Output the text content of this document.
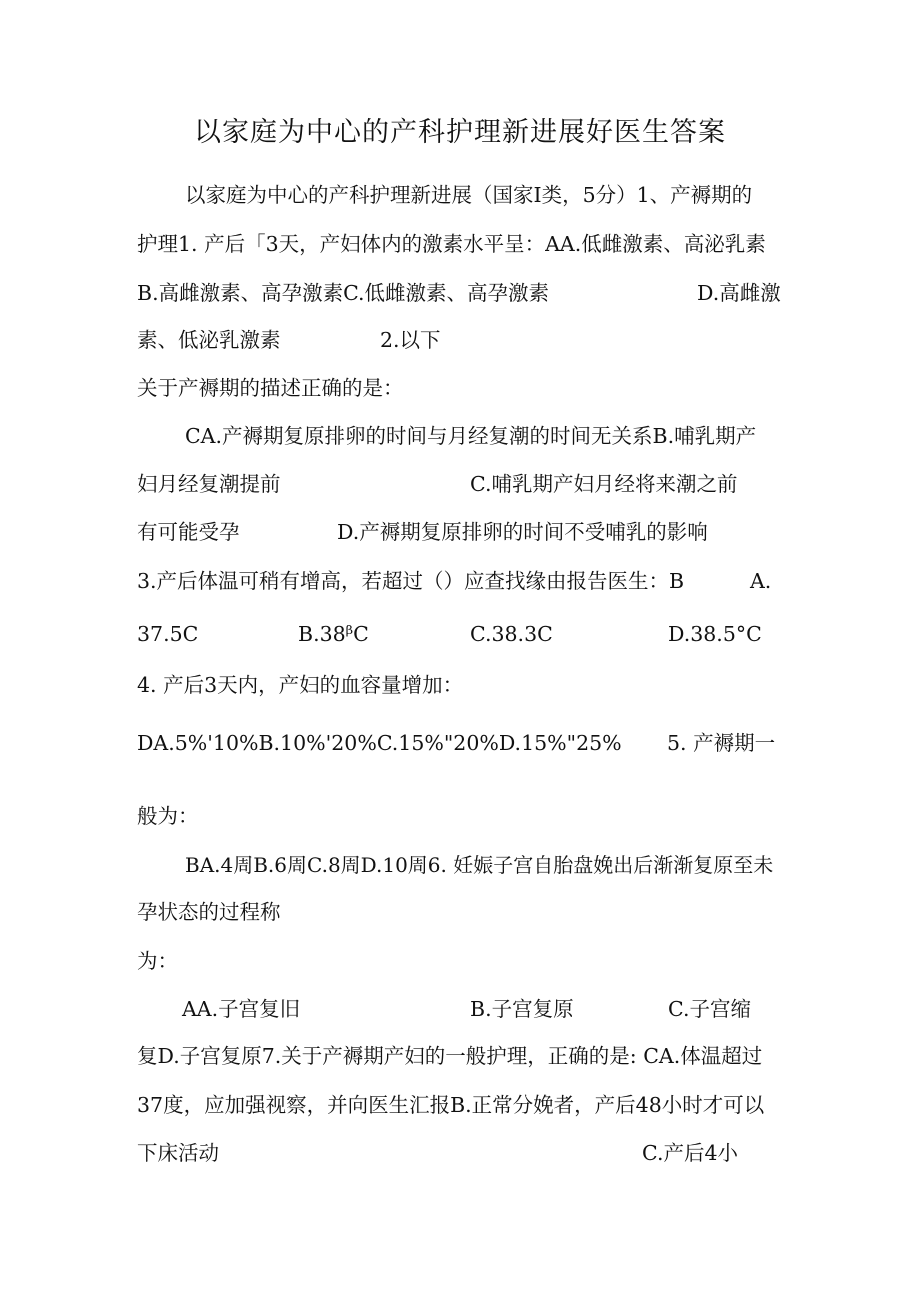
以家庭为中心的产科护理新进展好医生答案
以家庭为中心的产科护理新进展（国家I类，5分）1、产褥期的
护理1. 产后「3天，产妇体内的激素水平呈：AA.低雌激素、高泌乳素
B.高雌激素、高孕激素C.低雌激素、高孕激素	D.高雌激
素、低泌乳激素	2.以下
关于产褥期的描述正确的是：
CA.产褥期复原排卵的时间与月经复潮的时间无关系B.哺乳期产
妇月经复潮提前	C.哺乳期产妇月经将来潮之前
有可能受孕	D.产褥期复原排卵的时间不受哺乳的影响
3.产后体温可稍有增高，若超过（）应查找缘由报告医生：B	A.
37.5C	B.38ᵝC	C.38.3C	D.38.5°C
4. 产后3天内，产妇的血容量增加：
DA.5%'10%B.10%'20%C.15%"20%D.15%"25% 5. 产褥期一
般为：
BA.4周B.6周C.8周D.10周6. 妊娠子宫自胎盘娩出后渐渐复原至未
孕状态的过程称
为：
AA.子宫复旧	B.子宫复原	C.子宫缩
复D.子宫复原7.关于产褥期产妇的一般护理，正确的是: CA.体温超过
37度，应加强视察，并向医生汇报B.正常分娩者，产后48小时才可以
下床活动	C.产后4小
